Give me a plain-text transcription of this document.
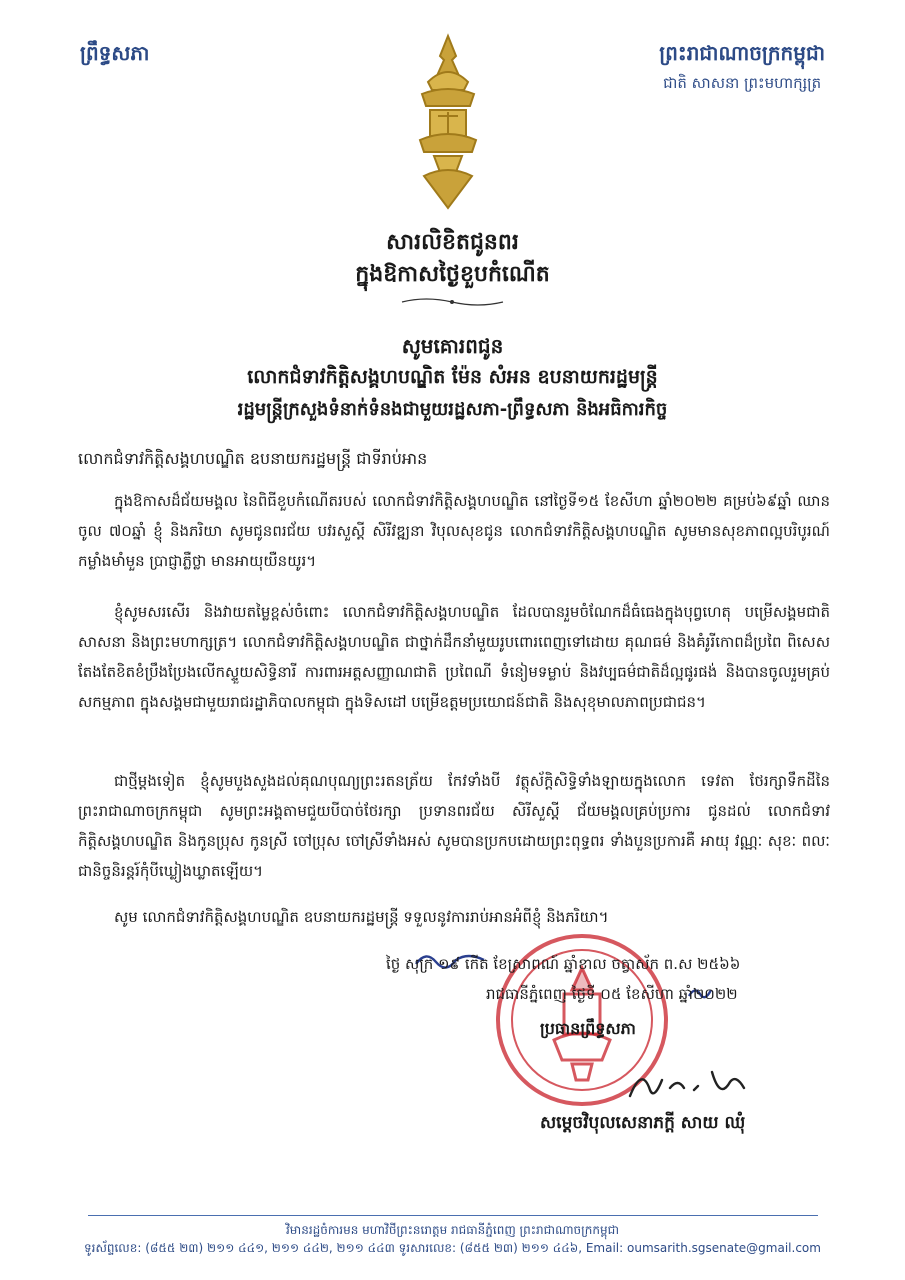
ព្រឹទ្ធសភា	ព្រះរាជាណាចក្រកម្ពុជា
ជាតិ សាសនា ព្រះមហាក្សត្រ
សារលិខិតជូនពរ
ក្នុងឱកាសថ្ងៃខួបកំណើត
សូមគោរពជូន
លោកជំទាវកិត្តិសង្គហបណ្ឌិត ម៉ែន សំអន ឧបនាយករដ្ឋមន្ត្រី
រដ្ឋមន្ត្រីក្រសួងទំនាក់ទំនងជាមួយរដ្ឋសភា-ព្រឹទ្ធសភា និងអធិការកិច្ច
លោកជំទាវកិត្តិសង្គហបណ្ឌិត ឧបនាយករដ្ឋមន្ត្រី ជាទីរាប់អាន
ក្នុងឱកាសដ៏ជ័យមង្គល នៃពិធីខួបកំណើតរបស់ លោកជំទាវកិត្តិសង្គហបណ្ឌិត នៅថ្ងៃទី១៥ ខែសីហា ឆ្នាំ២០២២ គម្រប់៦៩ឆ្នាំ ឈានចូល ៧០ឆ្នាំ ខ្ញុំ និងភរិយា សូមជូនពរជ័យ បវរសួស្តី សិរីវឌ្ឍនា វិបុលសុខជូន លោកជំទាវកិត្តិសង្គហបណ្ឌិត សូមមានសុខភាពល្អបរិបូរណ៍ កម្លាំងមាំមួន ប្រាជ្ញាភ្លឺថ្លា មានអាយុយឺនយូរ។
ខ្ញុំសូមសរសើរ និងវាយតម្លៃខ្ពស់ចំពោះ លោកជំទាវកិត្តិសង្គហបណ្ឌិត ដែលបានរួមចំណែកដ៏ធំធេងក្នុងបុព្វហេតុ បម្រើសង្គមជាតិ សាសនា និងព្រះមហាក្សត្រ។ លោកជំទាវកិត្តិសង្គហបណ្ឌិត ជាថ្នាក់ដឹកនាំមួយរូបពោរពេញទៅដោយ គុណធម៌ និងគំរូរីកោពដ៏ប្រពៃ ពិសេសតែងតែខិតខំប្រឹងប្រែងលើកស្ទួយសិទ្ធិនារី ការពារអត្តសញ្ញាណជាតិ ប្រពៃណី ទំនៀមទម្លាប់ និងវប្បធម៌ជាតិដ៏ល្អផូរផង់ និងបានចូលរួមគ្រប់សកម្មភាព ក្នុងសង្គមជាមួយរាជរដ្ឋាភិបាលកម្ពុជា ក្នុងទិសដៅ បម្រើឧត្តមប្រយោជន៍ជាតិ និងសុខុមាលភាពប្រជាជន។
ជាថ្មីម្តងទៀត ខ្ញុំសូមបួងសួងដល់គុណបុណ្យព្រះរតនត្រ័យ កែវទាំងបី វត្ថុស័ក្តិសិទ្ធិទាំងឡាយក្នុងលោក ទេវតា ថែរក្សាទឹកដីនៃព្រះរាជាណាចក្រកម្ពុជា សូមព្រះអង្គតាមជួយបីបាច់ថែរក្សា ប្រទានពរជ័យ សិរីសួស្តី ជ័យមង្គលគ្រប់ប្រការ ជូនដល់ លោកជំទាវកិត្តិសង្គហបណ្ឌិត និងកូនប្រុស កូនស្រី ចៅប្រុស ចៅស្រីទាំងអស់ សូមបានប្រកបដោយព្រះពុទ្ធពរ ទាំងបួនប្រការគឺ អាយុ វណ្ណៈ សុខៈ ពលៈ ជានិច្ចនិរន្តរ៍កុំបីឃ្លៀងឃ្លាតឡើយ។
សូម លោកជំទាវកិត្តិសង្គហបណ្ឌិត ឧបនាយករដ្ឋមន្ត្រី ទទួលនូវការរាប់អានអំពីខ្ញុំ និងភរិយា។
ថ្ងៃ សុក្រ ១៩ កើត ខែស្រាពណ៍ ឆ្នាំខាល ចត្វាស័ក ព.ស ២៥៦៦
រាជធានីភ្នំពេញ ថ្ងៃទី ០៥ ខែសីហា ឆ្នាំ២០២២
ប្រធានព្រឹទ្ធសភា
សម្តេចវិបុលសេនាភក្តី សាយ ឈុំ
វិមានរដ្ឋចំការមន មហាវិថីព្រះនរោត្តម រាជធានីភ្នំពេញ ព្រះរាជាណាចក្រកម្ពុជា
ទូរស័ព្ទលេខ: (៨៥៥ ២៣) ២១១ ៤៤១, ២១១ ៤៤២, ២១១ ៤៤៣ ទូរសារលេខ: (៨៥៥ ២៣) ២១១ ៤៤៦, Email: oumsarith.sgsenate@gmail.com
